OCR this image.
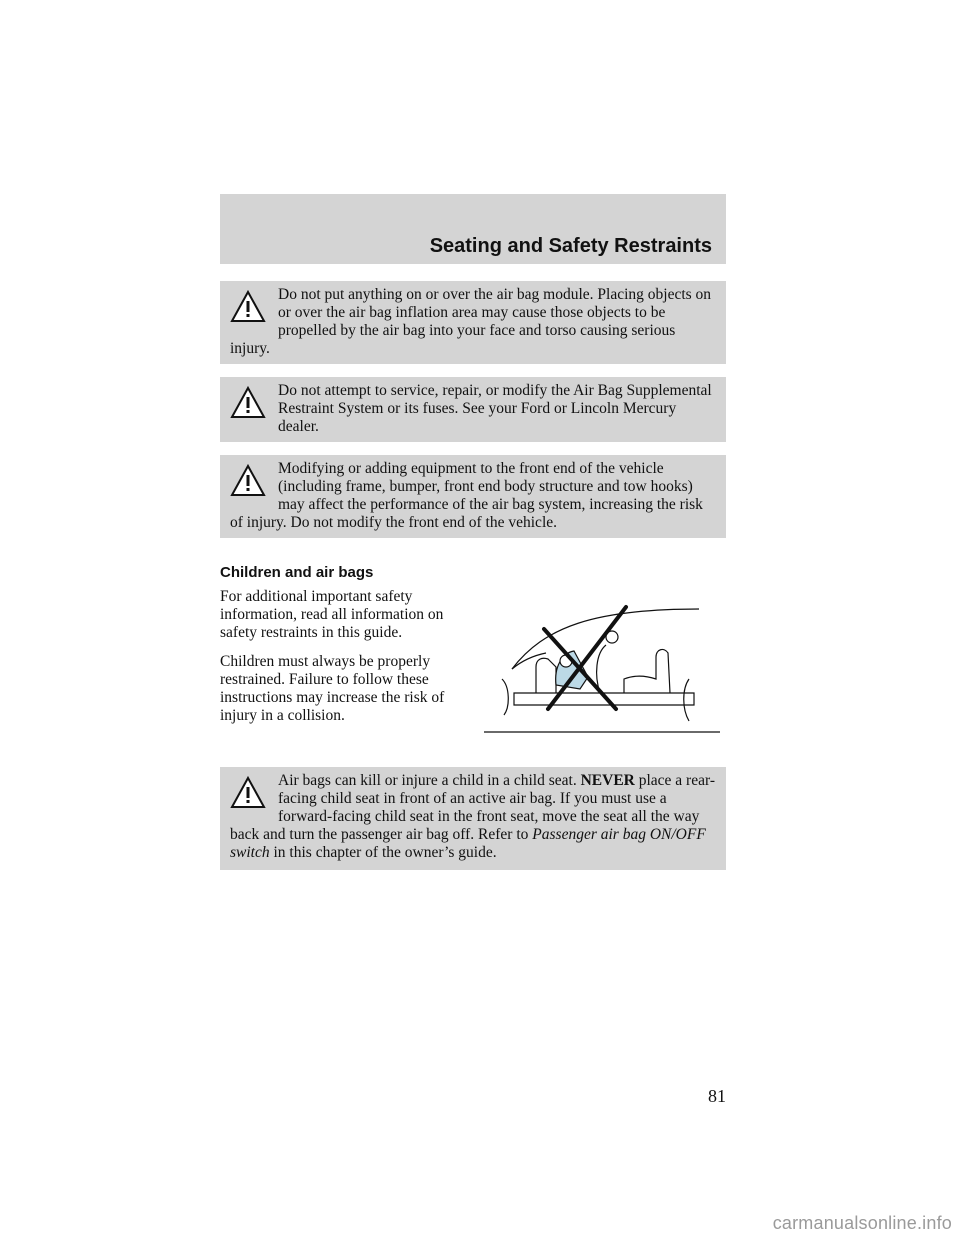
Seating and Safety Restraints

Do not put anything on or over the air bag module. Placing objects on or over the air bag inflation area may cause those objects to be propelled by the air bag into your face and torso causing serious injury.

Do not attempt to service, repair, or modify the Air Bag Supplemental Restraint System or its fuses. See your Ford or Lincoln Mercury dealer.

Modifying or adding equipment to the front end of the vehicle (including frame, bumper, front end body structure and tow hooks) may affect the performance of the air bag system, increasing the risk of injury. Do not modify the front end of the vehicle.

Children and air bags

For additional important safety information, read all information on safety restraints in this guide.

Children must always be properly restrained. Failure to follow these instructions may increase the risk of injury in a collision.

Air bags can kill or injure a child in a child seat. NEVER place a rear-facing child seat in front of an active air bag. If you must use a forward-facing child seat in the front seat, move the seat all the way back and turn the passenger air bag off. Refer to Passenger air bag ON/OFF switch in this chapter of the owner’s guide.

81
carmanualsonline.info
